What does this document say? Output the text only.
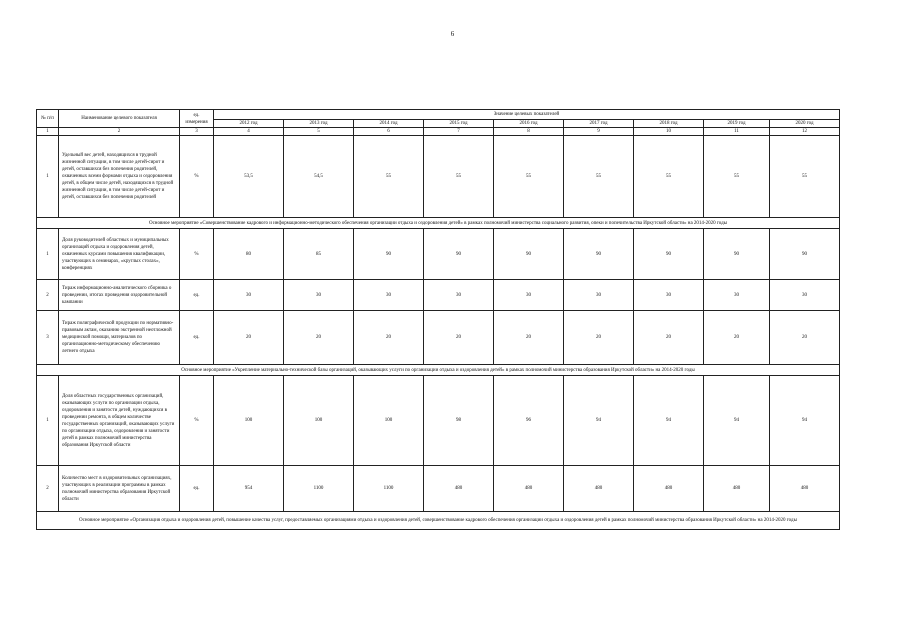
6
№ п/п	Наименование целевого показателя	ед. измерения	Значение целевых показателей								
			2012 год	2013 год	2014 год	2015 год	2016 год	2017 год	2018 год	2019 год	2020 год
1	2	3	4	5	6	7	8	9	10	11	12
1	Удельный вес детей, находящихся в трудной жизненной ситуации, в том числе детей-сирот и детей, оставшихся без попечения родителей, охваченных всеми формами отдыха и оздоровления детей, в общем числе детей, находящихся в трудной жизненной ситуации, в том числе детей-сирот и детей, оставшихся без попечения родителей	%	53,5	54,5	55	55	55	55	55	55	55
Основное мероприятие «Совершенствование кадрового и информационно-методического обеспечения организации отдыха и оздоровления детей» в рамках полномочий министерства социального развития, опеки и попечительства Иркутской области» на 2014-2020 годы											
1	Доля руководителей областных и муниципальных организаций отдыха и оздоровления детей, охваченных курсами повышения квалификации, участвующих в семинарах, «круглых столах», конференциях	%	80	85	90	90	90	90	90	90	90
2	Тираж информационно-аналитического сборника о проведении, итогах проведения оздоровительной кампании	ед.	30	30	30	30	30	30	30	30	30
3	Тираж полиграфической продукции по нормативно-правовым актам, оказанию экстренной неотложной медицинской помощи, материалов по организационно-методическому обеспечению летнего отдыха	ед.	20	20	20	20	20	20	20	20	20
Основное мероприятие «Укрепление материально-технической базы организаций, оказывающих услуги по организации отдыха и оздоровления детей» в рамках полномочий министерства образования Иркутской области» на 2014-2020 годы											
1	Доля областных государственных организаций, оказывающих услуги по организации отдыха, оздоровления и занятости детей, нуждающихся в проведении ремонта, в общем количестве государственных организаций, оказывающих услуги по организации отдыха, оздоровления и занятости детей в рамках полномочий министерства образования Иркутской области	%	100	100	100	98	96	94	94	94	94
2	Количество мест в оздоровительных организациях, участвующих в реализации программы в рамках полномочий министерства образования Иркутской области	ед.	954	1100	1100	480	480	480	480	480	480
Основное мероприятие «Организация отдыха и оздоровления детей, повышение качества услуг, предоставляемых организациями отдыха и оздоровления детей, совершенствование кадрового обеспечения организации отдыха и оздоровления детей в рамках полномочий министерства образования Иркутской области» на 2014-2020 годы											
